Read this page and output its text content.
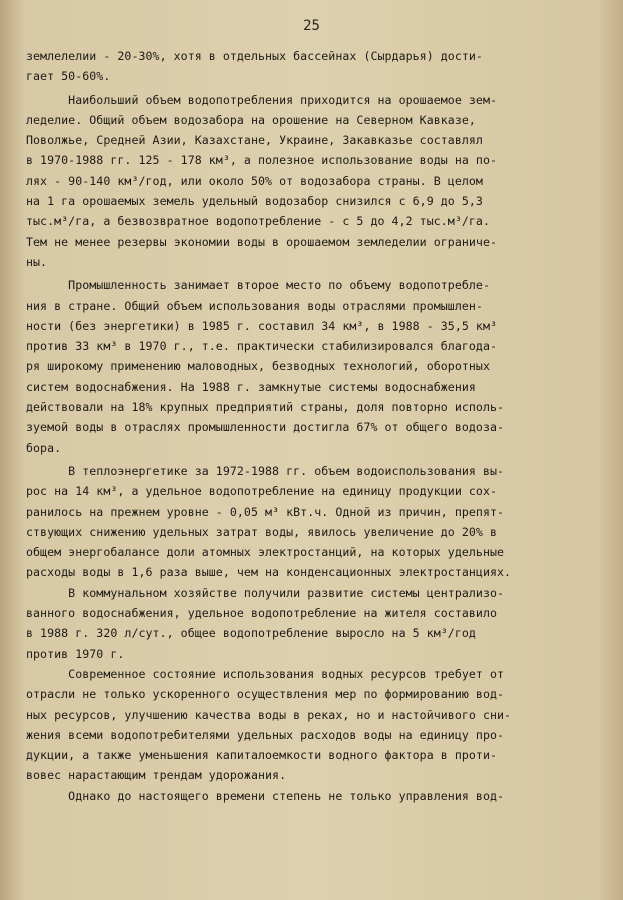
25
землелелии - 20-30%, хотя в отдельных бассейнах (Сырдарья) дости-
гает 50-60%.
Наибольший объем водопотребления приходится на орошаемое зем-
леделие. Общий объем водозабора на орошение на Северном Кавказе,
Поволжье, Средней Азии, Казахстане, Украине, Закавказье составлял
в 1970-1988 гг. 125 - 178 км³, а полезное использование воды на по-
лях - 90-140 км³/год, или около 50% от водозабора страны. В целом
на 1 га орошаемых земель удельный водозабор снизился с 6,9 до 5,3
тыс.м³/га, а безвозвратное водопотребление - с 5 до 4,2 тыс.м³/га.
Тем не менее резервы экономии воды в орошаемом земледелии ограниче-
ны.
Промышленность занимает второе место по объему водопотребле-
ния в стране. Общий объем использования воды отраслями промышлен-
ности (без энергетики) в 1985 г. составил 34 км³, в 1988 - 35,5 км³
против 33 км³ в 1970 г., т.е. практически стабилизировался благода-
ря широкому применению маловодных, безводных технологий, оборотных
систем водоснабжения. На 1988 г. замкнутые системы водоснабжения
действовали на 18% крупных предприятий страны, доля повторно исполь-
зуемой воды в отраслях промышленности достигла 67% от общего водоза-
бора.
В теплоэнергетике за 1972-1988 гг. объем водоиспользования вы-
рос на 14 км³, а удельное водопотребление на единицу продукции сох-
ранилось на прежнем уровне - 0,05 м³ кВт.ч. Одной из причин, препят-
ствующих снижению удельных затрат воды, явилось увеличение до 20% в
общем энергобалансе доли атомных электростанций, на которых удельные
расходы воды в 1,6 раза выше, чем на конденсационных электростанциях.
В коммунальном хозяйстве получили развитие системы централизо-
ванного водоснабжения, удельное водопотребление на жителя составило
в 1988 г. 320 л/сут., общее водопотребление выросло на 5 км³/год
против 1970 г.
Современное состояние использования водных ресурсов требует от
отрасли не только ускоренного осуществления мер по формированию вод-
ных ресурсов, улучшению качества воды в реках, но и настойчивого сни-
жения всеми водопотребителями удельных расходов воды на единицу про-
дукции, а также уменьшения капиталоемкости водного фактора в проти-
вовес нарастающим трендам удорожания.
Однако до настоящего времени степень не только управления вод-
